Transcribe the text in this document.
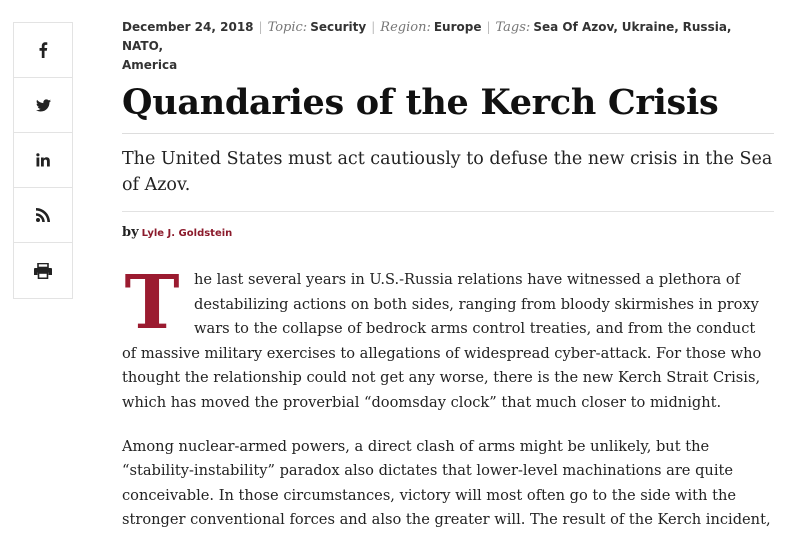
December 24, 2018 | Topic: Security | Region: Europe | Tags: Sea Of Azov, Ukraine, Russia, NATO,
America
Quandaries of the Kerch Crisis

The United States must act cautiously to defuse the new crisis in the Sea of Azov.

by Lyle J. Goldstein

The last several years in U.S.-Russia relations have witnessed a plethora of destabilizing actions on both sides, ranging from bloody skirmishes in proxy wars to the collapse of bedrock arms control treaties, and from the conduct of massive military exercises to allegations of widespread cyber-attack. For those who thought the relationship could not get any worse, there is the new Kerch Strait Crisis, which has moved the proverbial “doomsday clock” that much closer to midnight.

Among nuclear-armed powers, a direct clash of arms might be unlikely, but the “stability-instability” paradox also dictates that lower-level machinations are quite conceivable. In those circumstances, victory will most often go to the side with the stronger conventional forces and also the greater will. The result of the Kerch incident,
